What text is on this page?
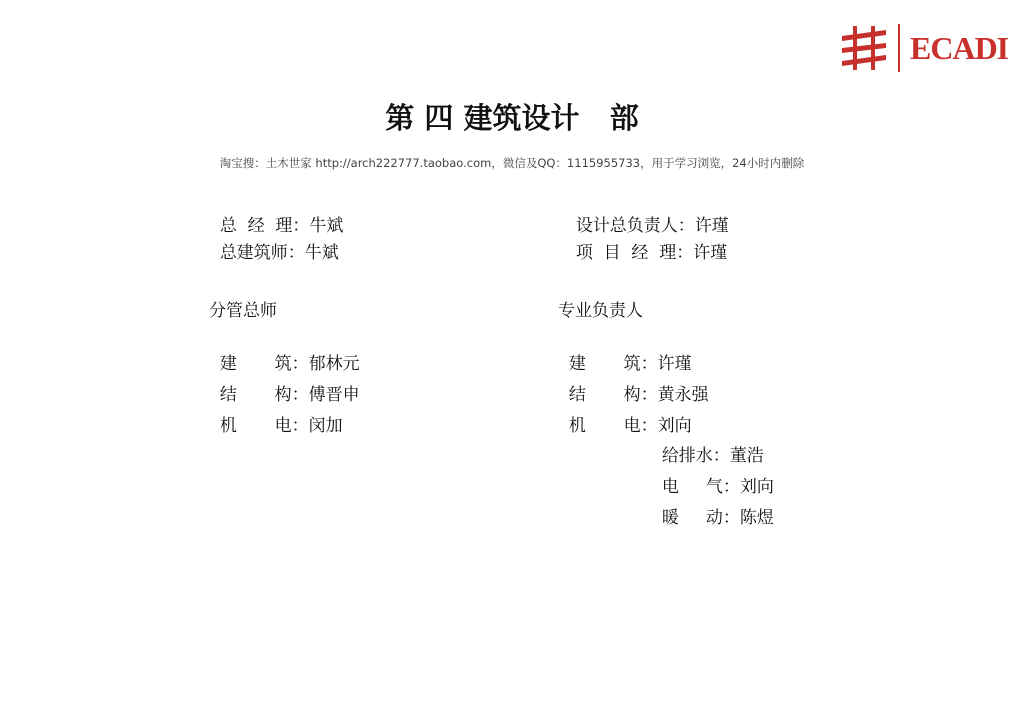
ECADI
第 四 建筑设计   部
淘宝搜：土木世家 http://arch222777.taobao.com，微信及QQ：1115955733，用于学习浏览，24小时内删除

总  经  理：牛斌

总建筑师：牛斌

设计总负责人：许瑾

项  目  经  理：许瑾

分管总师

建       筑：郁林元

结       构：傅晋申

机       电：闵加

专业负责人

建       筑：许瑾

结       构：黄永强

机       电：刘向

给排水：董浩

电     气：刘向

暖     动：陈煜
